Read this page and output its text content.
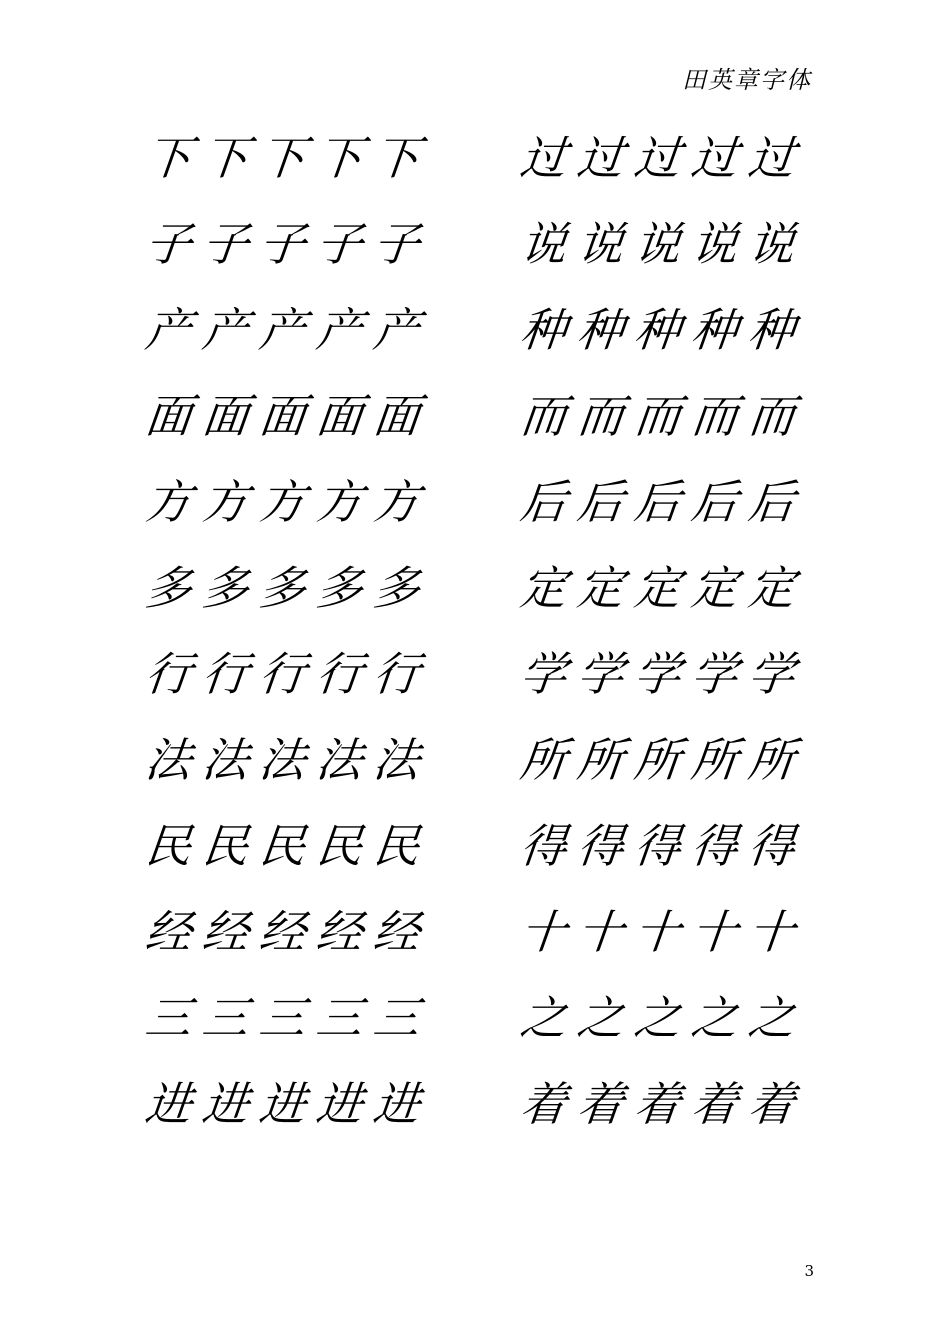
田英章字体
下 下 下 下 下 过 过 过 过 过
子 子 子 子 子 说 说 说 说 说
产 产 产 产 产 种 种 种 种 种
面 面 面 面 面 而 而 而 而 而
方 方 方 方 方 后 后 后 后 后
多 多 多 多 多 定 定 定 定 定
行 行 行 行 行 学 学 学 学 学
法 法 法 法 法 所 所 所 所 所
民 民 民 民 民 得 得 得 得 得
经 经 经 经 经 十 十 十 十 十
三 三 三 三 三 之 之 之 之 之
进 进 进 进 进 着 着 着 着 着
3
